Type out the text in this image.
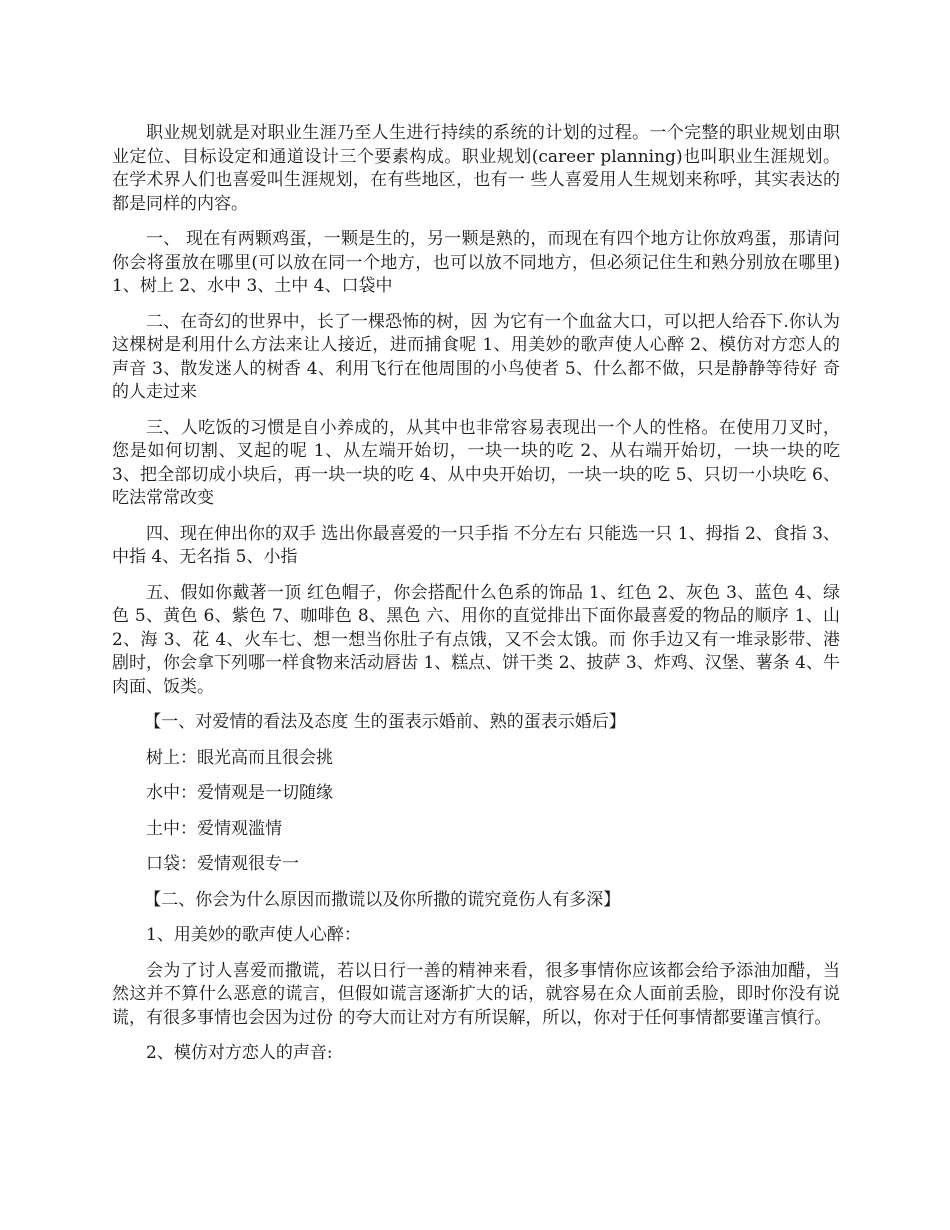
职业规划就是对职业生涯乃至人生进行持续的系统的计划的过程。一个完整的职业规划由职业定位、目标设定和通道设计三个要素构成。职业规划(career planning)也叫职业生涯规划。在学术界人们也喜爱叫生涯规划，在有些地区，也有一 些人喜爱用人生规划来称呼，其实表达的都是同样的内容。

一、 现在有两颗鸡蛋，一颗是生的，另一颗是熟的，而现在有四个地方让你放鸡蛋，那请问你会将蛋放在哪里(可以放在同一个地方，也可以放不同地方，但必须记住生和熟分别放在哪里)1、树上 2、水中 3、土中 4、口袋中

二、在奇幻的世界中，长了一棵恐怖的树，因 为它有一个血盆大口，可以把人给吞下.你认为这棵树是利用什么方法来让人接近，进而捕食呢 1、用美妙的歌声使人心醉 2、模仿对方恋人的声音 3、散发迷人的树香 4、利用飞行在他周围的小鸟使者 5、什么都不做，只是静静等待好 奇的人走过来

三、人吃饭的习惯是自小养成的，从其中也非常容易表现出一个人的性格。在使用刀叉时，您是如何切割、叉起的呢 1、从左端开始切，一块一块的吃 2、从右端开始切，一块一块的吃 3、把全部切成小块后，再一块一块的吃 4、从中央开始切，一块一块的吃 5、只切一小块吃 6、吃法常常改变

四、现在伸出你的双手 选出你最喜爱的一只手指 不分左右 只能选一只 1、拇指 2、食指 3、中指 4、无名指 5、小指

五、假如你戴著一顶 红色帽子，你会搭配什么色系的饰品 1、红色 2、灰色 3、蓝色 4、绿色 5、黄色 6、紫色 7、咖啡色 8、黑色 六、用你的直觉排出下面你最喜爱的物品的顺序 1、山 2、海 3、花 4、火车七、想一想当你肚子有点饿，又不会太饿。而 你手边又有一堆录影带、港剧时，你会拿下列哪一样食物来活动唇齿 1、糕点、饼干类 2、披萨 3、炸鸡、汉堡、薯条 4、牛肉面、饭类。

【一、对爱情的看法及态度 生的蛋表示婚前、熟的蛋表示婚后】

树上：眼光高而且很会挑

水中：爱情观是一切随缘

土中：爱情观滥情

口袋：爱情观很专一

【二、你会为什么原因而撒谎以及你所撒的谎究竟伤人有多深】

1、用美妙的歌声使人心醉：

会为了讨人喜爱而撒谎，若以日行一善的精神来看，很多事情你应该都会给予添油加醋，当然这并不算什么恶意的谎言，但假如谎言逐渐扩大的话，就容易在众人面前丢脸，即时你没有说谎，有很多事情也会因为过份 的夸大而让对方有所误解，所以，你对于任何事情都要谨言慎行。

2、模仿对方恋人的声音:
